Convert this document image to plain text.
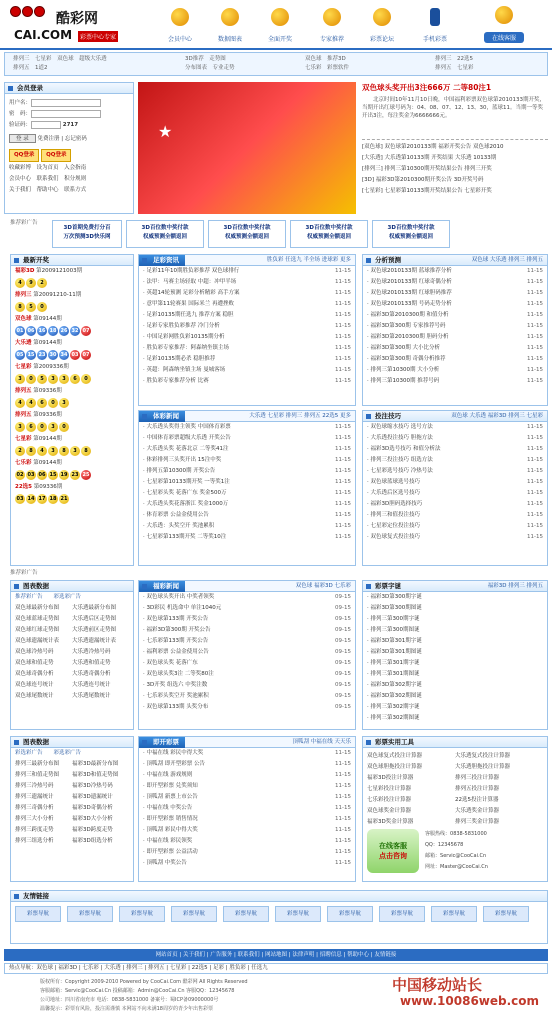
酷彩网
CAI.COM	彩票中心专家	会员中心	数据图表	全面开奖	专家推荐	彩票论坛	手机彩票	在线客服
排列三　 七星彩　 双色球　 超级大乐透
排列五　 1道2
3D推荐　 走势图
分布图表　 专业走势
双色球　 推荐3D
七乐彩　 彩票软件
排列三　 22选5
排列五　 七星彩
会员登录
用户名：
密　码：
验证码：	2717
登 录 免费注册 | 忘记密码
QQ登录 QQ登录
收藏彩博　 设为首页　 入会指南
会员中心　 联系我们　 积分规则
关于我们　 帮助中心　 联系方式
★
双色球头奖开出3注666万 二等80注1
北京时间10年11月10日晚，中国福利彩票双色球第2010133期开奖，当期开出红球号码为：04、08、07、12、13、30，蓝球11。当期一等奖开出3注，每注奖金为6666666元。
[双色球] 双色球第2010133期 福彩开奖公告 双色球2010
[大乐透] 大乐透第10133期 开奖结果 大乐透 10133期
[排列三] 排列三第10300期开奖结果公告 排列三开奖
[3D] 福彩3D第2010300期开奖公告 3D开奖号码
[七星彩] 七星彩第10133期开奖结果公告 七星彩开奖
推荐彩广告
3D首期免费打分百
万次预测3D快乐网
3D百位数中奖付款
权威预测全额返回
3D百位数中奖付款
权威预测全额返回
3D百位数中奖付款
权威预测全额返回
3D百位数中奖付款
权威预测全额返回
最新开奖
福彩3D 第2009121003期
4 9 2
排列三 第20091210-11期
8 5 0
双色球 第09144期
01 06 16 18 26 32 07
大乐透 第09144期
05 15 23 30 34 03 07
七星彩 第2009336期
3 0 5 3 3 6 0
排列五 第09336期
4 4 6 0 3
排列五 第09336期
3 6 0 3 0
七星彩 第09144期
2 8 4 3 8 3 8
七乐彩 第09144期
02 03 06 15 19 23 25
22选5 第09336期
03 14 17 18 21
足彩资讯	胜负彩 任选九 半全场 进球彩 更多
· 足彩11年10期胜负彩推荐 双色球排行	11-15
· 法甲：马赛主场轻取 中超：冲甲半场	11-15
· 英超14轮预测 足彩分析精彩 高手方案	11-15
· 意甲第11轮赛果 国际米兰 再遭挫败	11-15
· 足彩10135期任选九 推荐方案 稳胆	11-15
· 足彩专家胜负彩推荐 冷门分析	11-15
· 中国足彩网胜负彩10135期分析	11-15
· 胜负彩专家推荐：阿森纳坐镇主场	11-15
· 足彩10135期必杀 稳胆推荐	11-15
· 英超：阿森纳坐镇主场 曼城客场	11-15
· 胜负彩专家推荐分析 比赛	11-15
分析预测	双色球 大乐透 排列三 排列五
· 双色球2010133期 蓝球推荐分析	11-15
· 双色球2010133期 红球奇偶分析	11-15
· 双色球2010133期 红球胆码推荐	11-15
· 双色球2010133期 号码走势分析	11-15
· 福彩3D第2010300期 和值分析	11-15
· 福彩3D第300期 专家推荐号码	11-15
· 福彩3D第2010300期 胆码分析	11-15
· 福彩3D第300期 大小比分析	11-15
· 福彩3D第300期 奇偶分析推荐	11-15
· 排列三第10300期 大小分析	11-15
· 排列三第10300期 推荐号码	11-15
体彩新闻	大乐透 七星彩 排列三 排列五 22选5 更多
· 大乐透头奖得主领奖 中国体育彩票	11-15
· 中国体育彩票超级大乐透 开奖公告	11-15
· 大乐透头奖 花落北京 二等奖41注	11-15
· 体彩排列三头奖开出 15注中奖	11-15
· 排列五第10300期 开奖公告	11-15
· 七星彩第10133期开奖 一等奖1注	11-15
· 七星彩头奖 花落广东 奖金500万	11-15
· 大乐透头奖花落浙江 奖金1000万	11-15
· 体育彩票 公益金使用公告	11-15
· 大乐透：头奖空开 奖池累积	11-15
· 七星彩第133期开奖 二等奖10注	11-15
投注技巧	双色球 大乐透 福彩3D 排列三 七星彩
· 双色球缩水技巧 选号方法	11-15
· 大乐透投注技巧 胆拖方法	11-15
· 福彩3D选号技巧 和值分析法	11-15
· 排列三投注技巧 组选方法	11-15
· 七星彩选号技巧 冷热号法	11-15
· 双色球蓝球选号技巧	11-15
· 大乐透后区选号技巧	11-15
· 福彩3D胆码选择技巧	11-15
· 排列三和值投注技巧	11-15
· 七星彩定位投注技巧	11-15
· 双色球复式投注技巧	11-15
推荐彩广告
图表数据
推荐彩广告　　 彩选彩广告
双色球最新分布图 大乐透最新分布图
双色球蓝球走势图 大乐透后区走势图
双色球红球走势图 大乐透前区走势图
双色球遗漏统计表 大乐透遗漏统计表
双色球冷热号码	大乐透冷热号码
双色球和值走势	大乐透和值走势
双色球奇偶分析	大乐透奇偶分析
双色球连号统计	大乐透连号统计
双色球尾数统计	大乐透尾数统计
福彩新闻	双色球 福彩3D 七乐彩
· 双色球头奖开出 中奖者领奖	09-15
· 3D彩民 机选命中 单注1040元	09-15
· 双色球第133期 开奖公告	09-15
· 福彩3D第300期 开奖公告	09-15
· 七乐彩第133期 开奖公告	09-15
· 福利彩票 公益金使用公告	09-15
· 双色球头奖 花落广东	09-15
· 双色球头奖3注 二等奖80注	09-15
· 3D开奖 组选六 中奖注数	09-15
· 七乐彩头奖空开 奖池累积	09-15
· 双色球第133期 头奖分布	09-15
彩票字谜	福彩3D 排列三 排列五
· 福彩3D第300期字谜
· 福彩3D第300期图谜
· 排列三第300期字谜
· 排列三第300期图谜
· 福彩3D第301期字谜
· 福彩3D第301期图谜
· 排列三第301期字谜
· 排列三第301期图谜
· 福彩3D第302期字谜
· 福彩3D第302期图谜
· 排列三第302期字谜
· 排列三第302期图谜
图表数据
彩选彩广告　　 彩选彩广告
排列三最新分布图 福彩3D最新分布图
排列三和值走势图 福彩3D和值走势图
排列三冷热号码	福彩3D冷热号码
排列三遗漏统计	福彩3D遗漏统计
排列三奇偶分析	福彩3D奇偶分析
排列三大小分析	福彩3D大小分析
排列三跨度走势	福彩3D跨度走势
排列三组选分析	福彩3D组选分析
即开彩票	顶呱刮 中福在线 天天乐
· 中福在线 彩民中得大奖	11-15
· 顶呱刮 即开型彩票 公告	11-15
· 中福在线 游戏规则	11-15
· 即开型彩票 兑奖须知	11-15
· 顶呱刮 新票上市公告	11-15
· 中福在线 中奖公告	11-15
· 即开型彩票 销售情况	11-15
· 顶呱刮 彩民中得大奖	11-15
· 中福在线 彩民领奖	11-15
· 即开型彩票 公益活动	11-15
· 顶呱刮 中奖公告	11-15
彩票实用工具
双色球复式投注计算器	大乐透复式投注计算器
双色球胆拖投注计算器	大乐透胆拖投注计算器
福彩3D投注计算器	排列三投注计算器
七星彩投注计算器	排列五投注计算器
七乐彩投注计算器	22选5投注计算器
双色球奖金计算器	大乐透奖金计算器
福彩3D奖金计算器	排列三奖金计算器
在线客服
点击咨询
客服热线：0838-5831000
QQ：12345678
邮箱：Servic@CooCai.Cn
网址：Master@CooCai.Cn
友情链接
彩票导航	彩票导航	彩票导航	彩票导航	彩票导航	彩票导航	彩票导航	彩票导航	彩票导航	彩票导航
网站首页 | 关于我们 | 广告服务 | 联系我们 | 网站地图 | 法律声明 | 招聘信息 | 帮助中心 | 友情链接
热点导航：双色球 | 福彩3D | 七乐彩 | 大乐透 | 排列三 | 排列五 | 七星彩 | 22选5 | 足彩 | 胜负彩 | 任选九
版权所有：Copyright 2009-2010 Powered by CooCai.Com 酷彩网 All Rights Reserved
客服邮箱：Servic@CooCai.Cn 投稿邮箱：Admin@CooCai.Cn 客服QQ：12345678
公司地址：四川省南充市 电话：0838-5831000 备案号：蜀ICP备09000000号
温馨提示：彩票有风险，投注需谨慎 本网站不向未满18周岁的青少年出售彩票
中国移动站长
www.10086web.com
